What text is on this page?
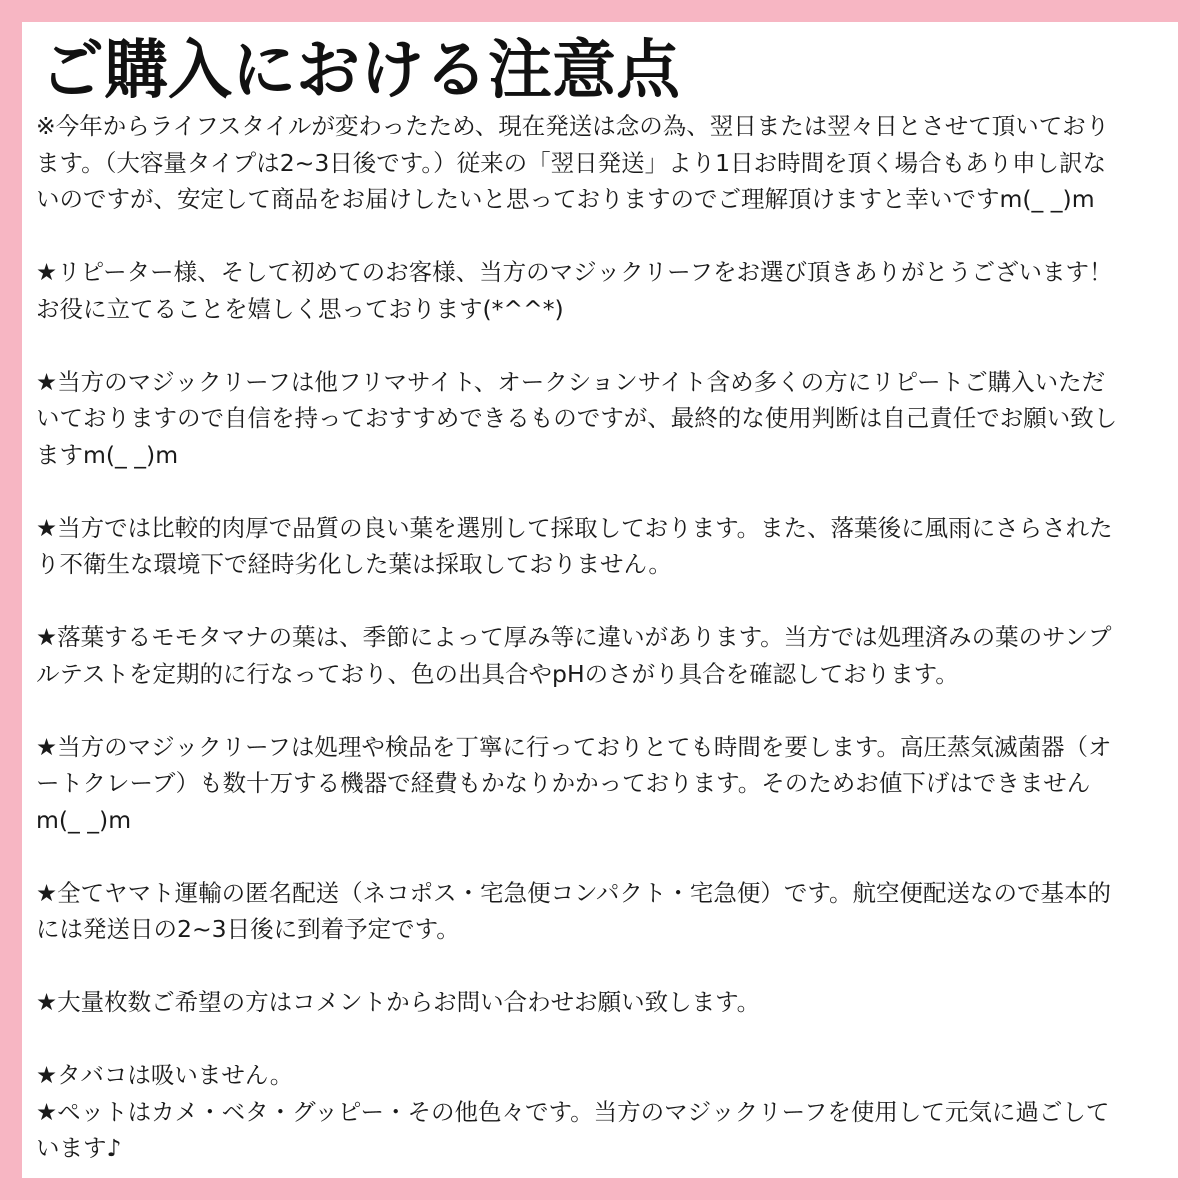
ご購入における注意点

※今年からライフスタイルが変わったため、現在発送は念の為、翌日または翌々日とさせて頂いており
ます。（大容量タイプは2~3日後です。）従来の「翌日発送」より1日お時間を頂く場合もあり申し訳な
いのですが、安定して商品をお届けしたいと思っておりますのでご理解頂けますと幸いですm(_ _)m

★リピーター様、そして初めてのお客様、当方のマジックリーフをお選び頂きありがとうございます！
お役に立てることを嬉しく思っております(*^^*)

★当方のマジックリーフは他フリマサイト、オークションサイト含め多くの方にリピートご購入いただ
いておりますので自信を持っておすすめできるものですが、最終的な使用判断は自己責任でお願い致し
ますm(_ _)m

★当方では比較的肉厚で品質の良い葉を選別して採取しております。また、落葉後に風雨にさらされた
り不衛生な環境下で経時劣化した葉は採取しておりません。

★落葉するモモタマナの葉は、季節によって厚み等に違いがあります。当方では処理済みの葉のサンプ
ルテストを定期的に行なっており、色の出具合やpHのさがり具合を確認しております。

★当方のマジックリーフは処理や検品を丁寧に行っておりとても時間を要します。高圧蒸気滅菌器（オ
ートクレーブ）も数十万する機器で経費もかなりかかっております。そのためお値下げはできません
m(_ _)m

★全てヤマト運輸の匿名配送（ネコポス・宅急便コンパクト・宅急便）です。航空便配送なので基本的
には発送日の2~3日後に到着予定です。

★大量枚数ご希望の方はコメントからお問い合わせお願い致します。

★タバコは吸いません。
★ペットはカメ・ベタ・グッピー・その他色々です。当方のマジックリーフを使用して元気に過ごして
います♪
